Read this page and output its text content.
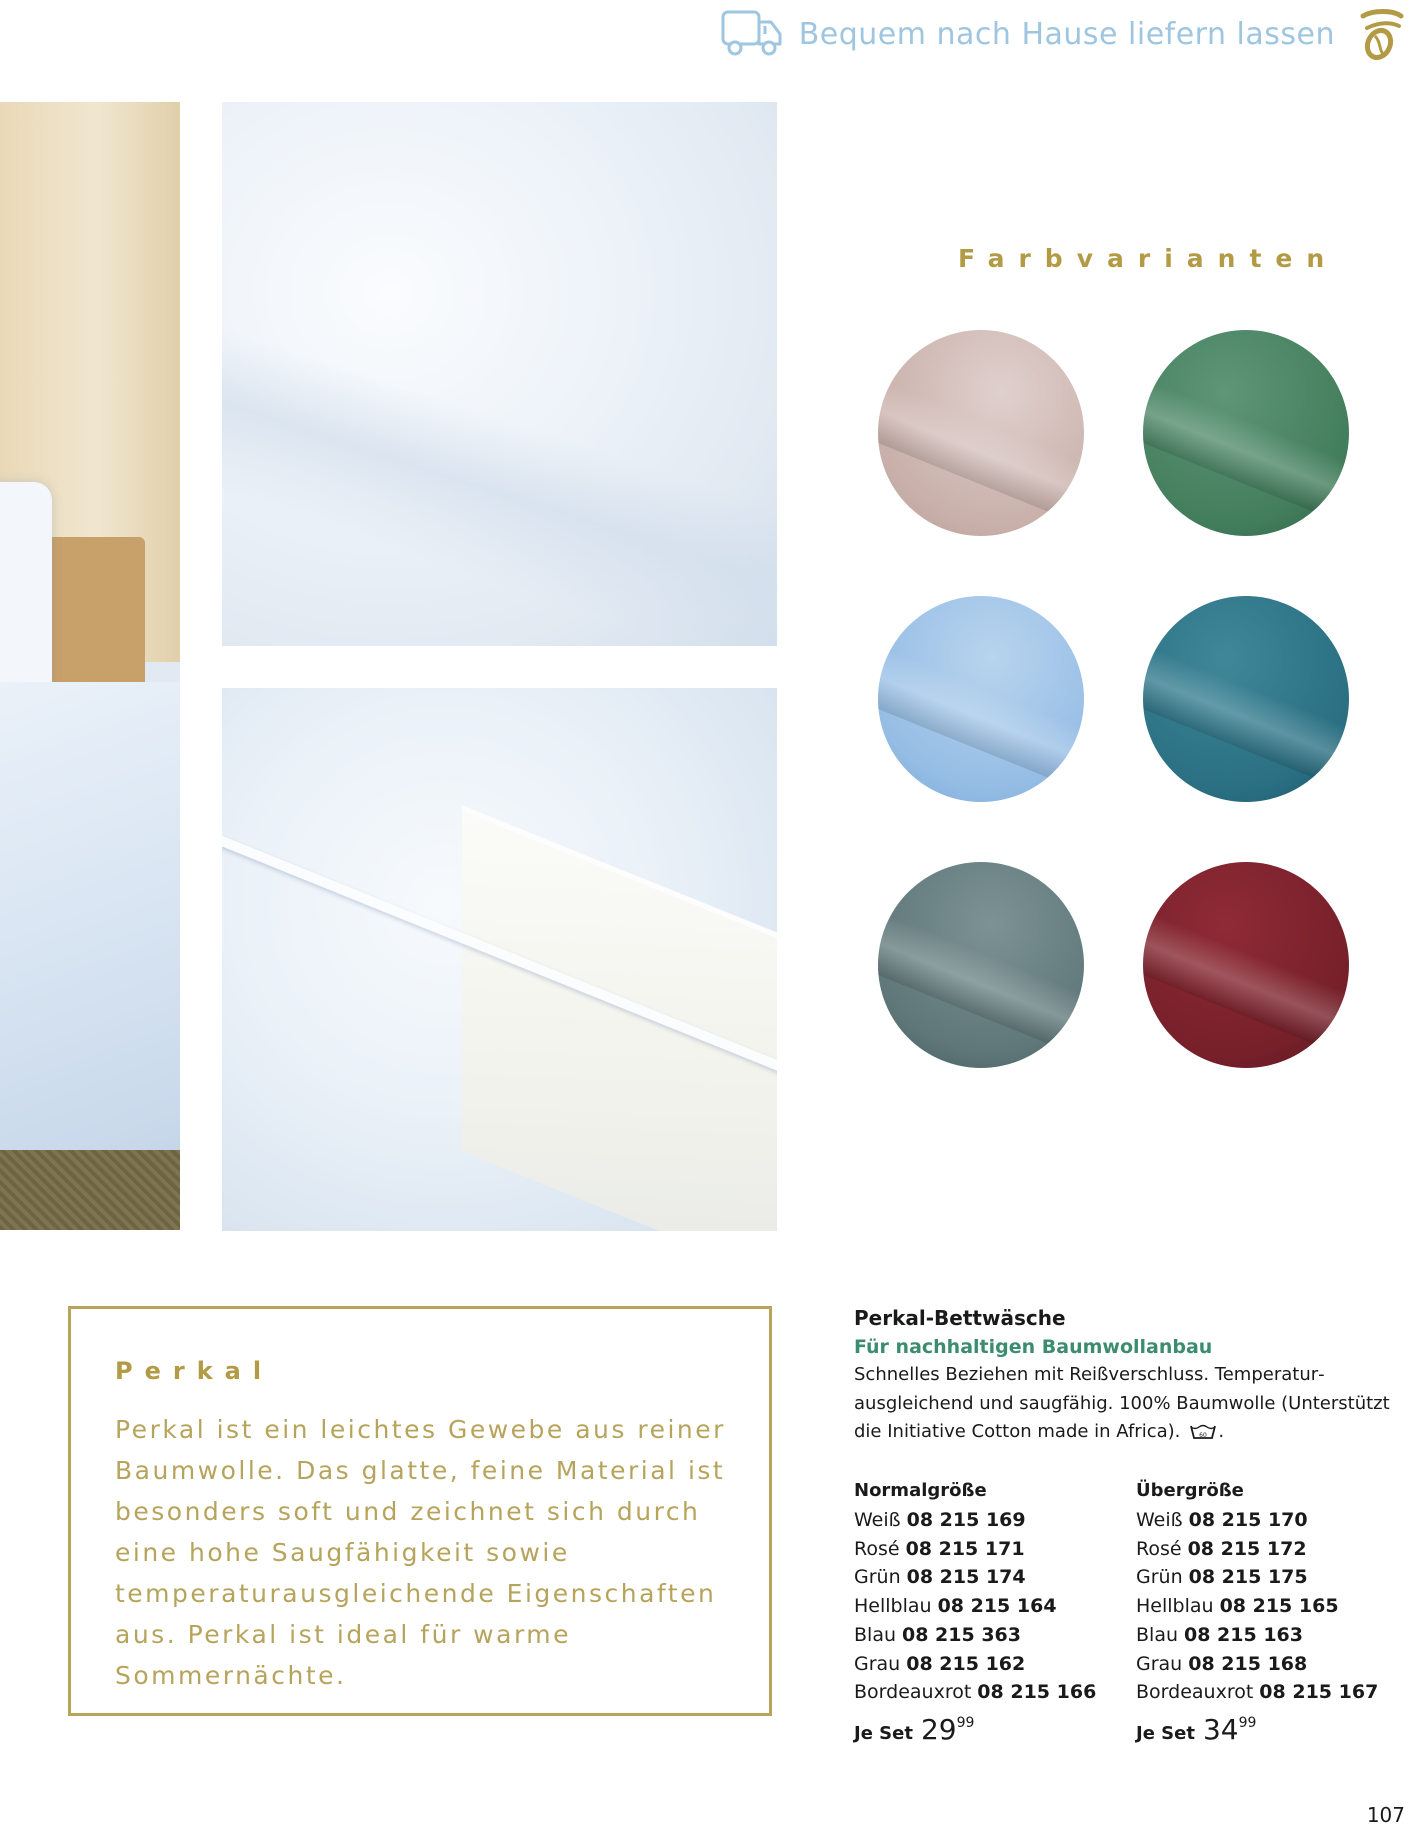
Bequem nach Hause liefern lassen
Farbvarianten
Perkal
Perkal ist ein leichtes Gewebe aus reiner Baumwolle. Das glatte, feine Material ist besonders soft und zeichnet sich durch eine hohe Saugfähigkeit sowie temperaturausgleichende Eigenschaften aus. Perkal ist ideal für warme Sommernächte.

Perkal-Bettwäsche

Für nachhaltigen Baumwollanbau

Schnelles Beziehen mit Reißverschluss. Temperaturausgleichend und saugfähig. 100% Baumwolle (Unterstützt die Initiative Cotton made in Africa).	60 .

Normalgröße
Weiß 08 215 169
Rosé 08 215 171
Grün 08 215 174
Hellblau 08 215 164
Blau 08 215 363
Grau 08 215 162
Bordeauxrot 08 215 166
Je Set 2999
Übergröße
Weiß 08 215 170
Rosé 08 215 172
Grün 08 215 175
Hellblau 08 215 165
Blau 08 215 163
Grau 08 215 168
Bordeauxrot 08 215 167
Je Set 3499
107
